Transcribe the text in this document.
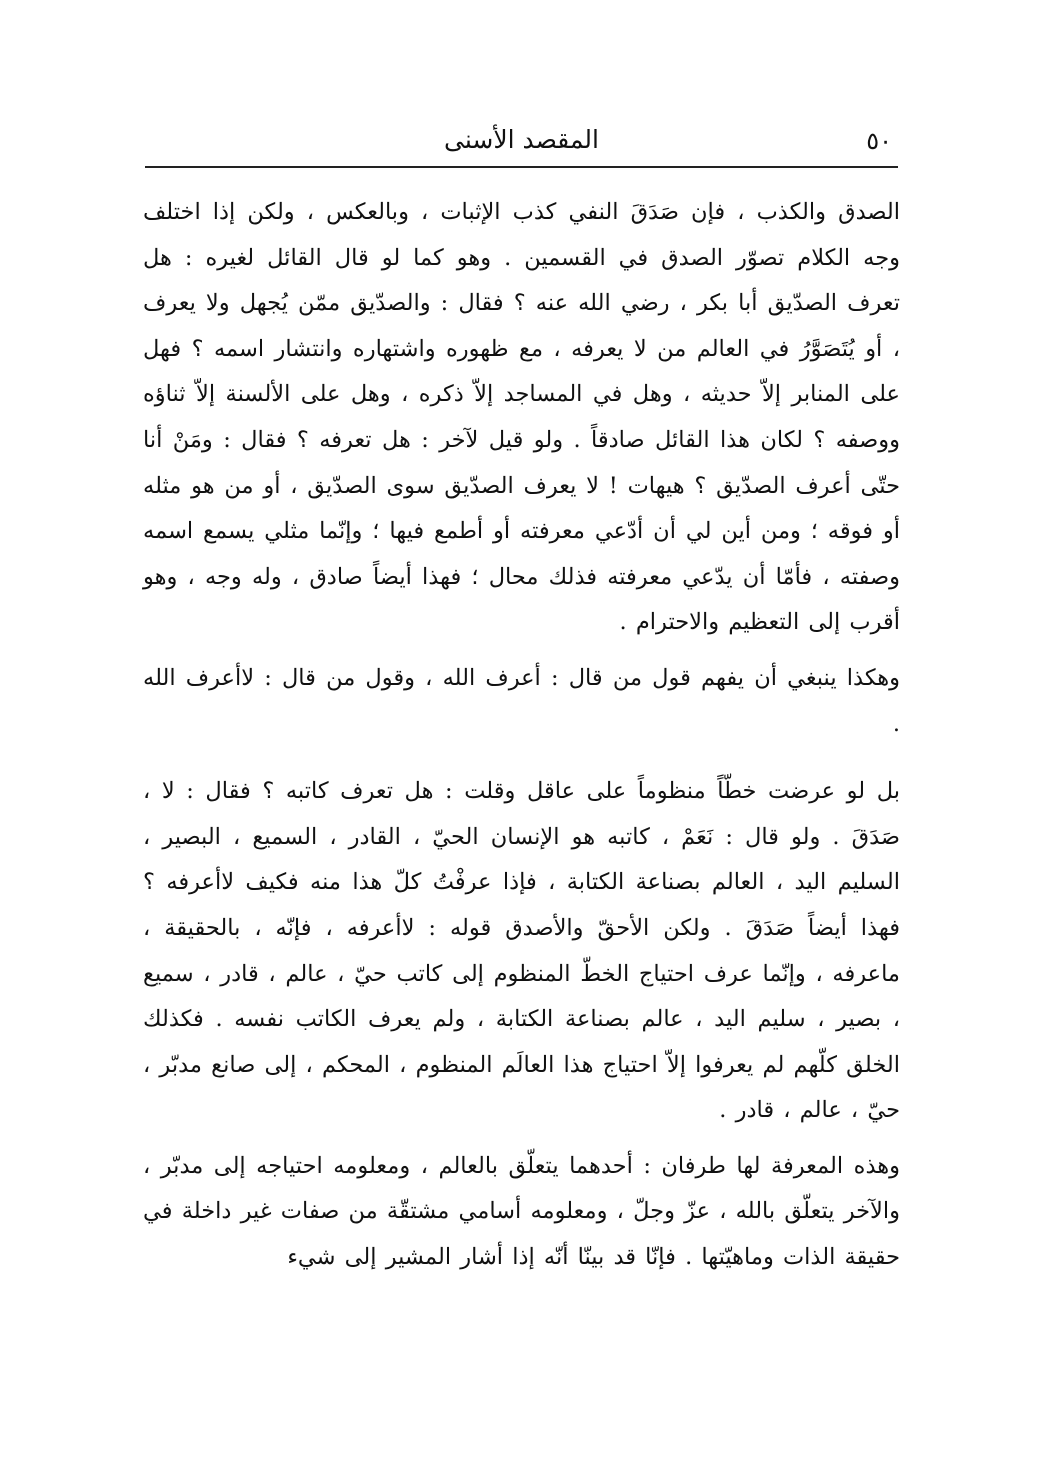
٥٠
المقصد الأسنى

الصدق والكذب ، فإن صَدَقَ النفي كذب الإثبات ، وبالعكس ، ولكن إذا اختلف وجه الكلام تصوّر الصدق في القسمين . وهو كما لو قال القائل لغيره : هل تعرف الصدّيق أبا بكر ، رضي الله عنه ؟ فقال : والصدّيق ممّن يُجهل ولا يعرف ، أو يُتَصَوَّرُ في العالم من لا يعرفه ، مع ظهوره واشتهاره وانتشار اسمه ؟ فهل على المنابر إلاّ حديثه ، وهل في المساجد إلاّ ذكره ، وهل على الألسنة إلاّ ثناؤه ووصفه ؟ لكان هذا القائل صادقاً . ولو قيل لآخر : هل تعرفه ؟ فقال : ومَنْ أنا حتّى أعرف الصدّيق ؟ هيهات ! لا يعرف الصدّيق سوى الصدّيق ، أو من هو مثله أو فوقه ؛ ومن أين لي أن أدّعي معرفته أو أطمع فيها ؛ وإنّما مثلي يسمع اسمه وصفته ، فأمّا أن يدّعي معرفته فذلك محال ؛ فهذا أيضاً صادق ، وله وجه ، وهو أقرب إلى التعظيم والاحترام .

وهكذا ينبغي أن يفهم قول من قال : أعرف الله ، وقول من قال : لاأعرف الله .

بل لو عرضت خطّاً منظوماً على عاقل وقلت : هل تعرف كاتبه ؟ فقال : لا ، صَدَقَ . ولو قال : نَعَمْ ، كاتبه هو الإنسان الحيّ ، القادر ، السميع ، البصير ، السليم اليد ، العالم بصناعة الكتابة ، فإذا عرفْتُ كلّ هذا منه فكيف لاأعرفه ؟ فهذا أيضاً صَدَقَ . ولكن الأحقّ والأصدق قوله : لاأعرفه ، فإنّه ، بالحقيقة ، ماعرفه ، وإنّما عرف احتياج الخطّ المنظوم إلى كاتب حيّ ، عالم ، قادر ، سميع ، بصير ، سليم اليد ، عالم بصناعة الكتابة ، ولم يعرف الكاتب نفسه . فكذلك الخلق كلّهم لم يعرفوا إلاّ احتياج هذا العالَم المنظوم ، المحكم ، إلى صانع مدبّر ، حيّ ، عالم ، قادر .

وهذه المعرفة لها طرفان : أحدهما يتعلّق بالعالم ، ومعلومه احتياجه إلى مدبّر ، والآخر يتعلّق بالله ، عزّ وجلّ ، ومعلومه أسامي مشتقّة من صفات غير داخلة في حقيقة الذات وماهيّتها . فإنّا قد بينّا أنّه إذا أشار المشير إلى شيء
